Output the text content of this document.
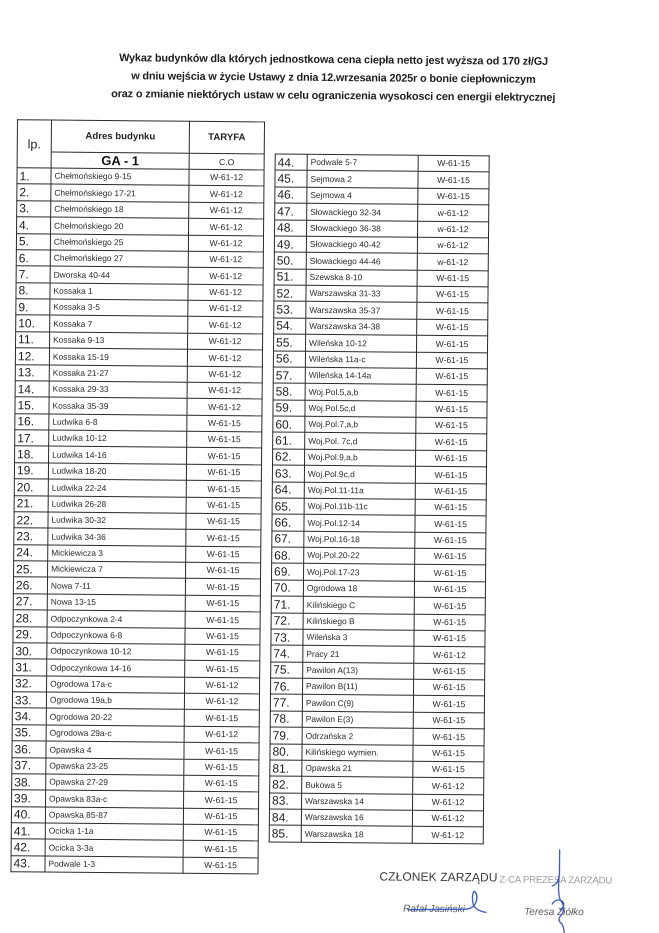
Wykaz budynków dla których jednostkowa cena ciepła netto jest wyższa od 170 zł/GJ
w dniu wejścia w życie Ustawy z dnia 12.wrzesania 2025r o bonie ciepłowniczym
oraz o zmianie niektórych ustaw w celu ograniczenia wysokosci cen energii elektrycznej
lp.	Adres budynku	TARYFA
	GA - 1	C.O
1.	Chełmońskiego 9-15	W-61-12
2.	Chełmońskiego 17-21	W-61-12
3.	Chełmońskiego 18	W-61-12
4.	Chełmońskiego 20	W-61-12
5.	Chełmońskiego 25	W-61-12
6.	Chełmońskiego 27	W-61-12
7.	Dworska 40-44	W-61-12
8.	Kossaka 1	W-61-12
9.	Kossaka 3-5	W-61-12
10.	Kossaka 7	W-61-12
11.	Kossaka 9-13	W-61-12
12.	Kossaka 15-19	W-61-12
13.	Kossaka 21-27	W-61-12
14.	Kossaka 29-33	W-61-12
15.	Kossaka 35-39	W-61-12
16.	Ludwika 6-8	W-61-15
17.	Ludwika 10-12	W-61-15
18.	Ludwika 14-16	W-61-15
19.	Ludwika 18-20	W-61-15
20.	Ludwika 22-24	W-61-15
21.	Ludwika 26-28	W-61-15
22.	Ludwika 30-32	W-61-15
23.	Ludwika 34-36	W-61-15
24.	Mickiewicza 3	W-61-15
25.	Mickiewicza 7	W-61-15
26.	Nowa 7-11	W-61-15
27.	Nowa 13-15	W-61-15
28.	Odpoczynkowa 2-4	W-61-15
29.	Odpoczynkowa 6-8	W-61-15
30.	Odpoczynkowa 10-12	W-61-15
31.	Odpoczynkowa 14-16	W-61-15
32.	Ogrodowa 17a-c	W-61-12
33.	Ogrodowa 19a,b	W-61-12
34.	Ogrodowa 20-22	W-61-15
35.	Ogrodowa 29a-c	W-61-12
36.	Opawska 4	W-61-15
37.	Opawska 23-25	W-61-15
38.	Opawska 27-29	W-61-15
39.	Opawska 83a-c	W-61-15
40.	Opawska 85-87	W-61-15
41.	Ocicka 1-1a	W-61-15
42.	Ocicka 3-3a	W-61-15
43.	Podwale 1-3	W-61-15
44.	Podwale 5-7	W-61-15
45.	Sejmowa 2	W-61-15
46.	Sejmowa 4	W-61-15
47.	Słowackiego 32-34	w-61-12
48.	Słowackiego 36-38	w-61-12
49.	Słowackiego 40-42	w-61-12
50.	Słowackiego 44-46	w-61-12
51.	Szewska 8-10	W-61-15
52.	Warszawska 31-33	W-61-15
53.	Warszawska 35-37	W-61-15
54.	Warszawska 34-38	W-61-15
55.	Wileńska 10-12	W-61-15
56.	Wileńska 11a-c	W-61-15
57.	Wileńska 14-14a	W-61-15
58.	Woj.Pol.5,a,b	W-61-15
59.	Woj.Pol.5c,d	W-61-15
60.	Woj.Pol.7,a,b	W-61-15
61.	Woj.Pol. 7c,d	W-61-15
62.	Woj.Pol.9,a,b	W-61-15
63.	Woj.Pol.9c,d	W-61-15
64.	Woj.Pol.11-11a	W-61-15
65.	Woj.Pol.11b-11c	W-61-15
66.	Woj.Pol.12-14	W-61-15
67.	Woj.Pol.16-18	W-61-15
68.	Woj.Pol.20-22	W-61-15
69.	Woj.Pol.17-23	W-61-15
70.	Ogrodowa 18	W-61-15
71.	Kilińskiego C	W-61-15
72.	Kilińskiego B	W-61-15
73.	Wileńska 3	W-61-15
74.	Pracy 21	W-61-12
75.	Pawilon A(13)	W-61-15
76.	Pawilon B(11)	W-61-15
77.	Pawilon C(9)	W-61-15
78.	Pawilon E(3)	W-61-15
79.	Odrzańska 2	W-61-15
80.	Kilińskiego wymien.	W-61-15
81.	Opawska 21	W-61-15
82.	Bukowa 5	W-61-12
83.	Warszawska 14	W-61-12
84.	Warszawska 16	W-61-12
85.	Warszawska 18	W-61-12
CZŁONEK ZARZĄDU Z-CA PREZESA ZARZĄDU
Rafał Jasiński	Teresa Ziółko
